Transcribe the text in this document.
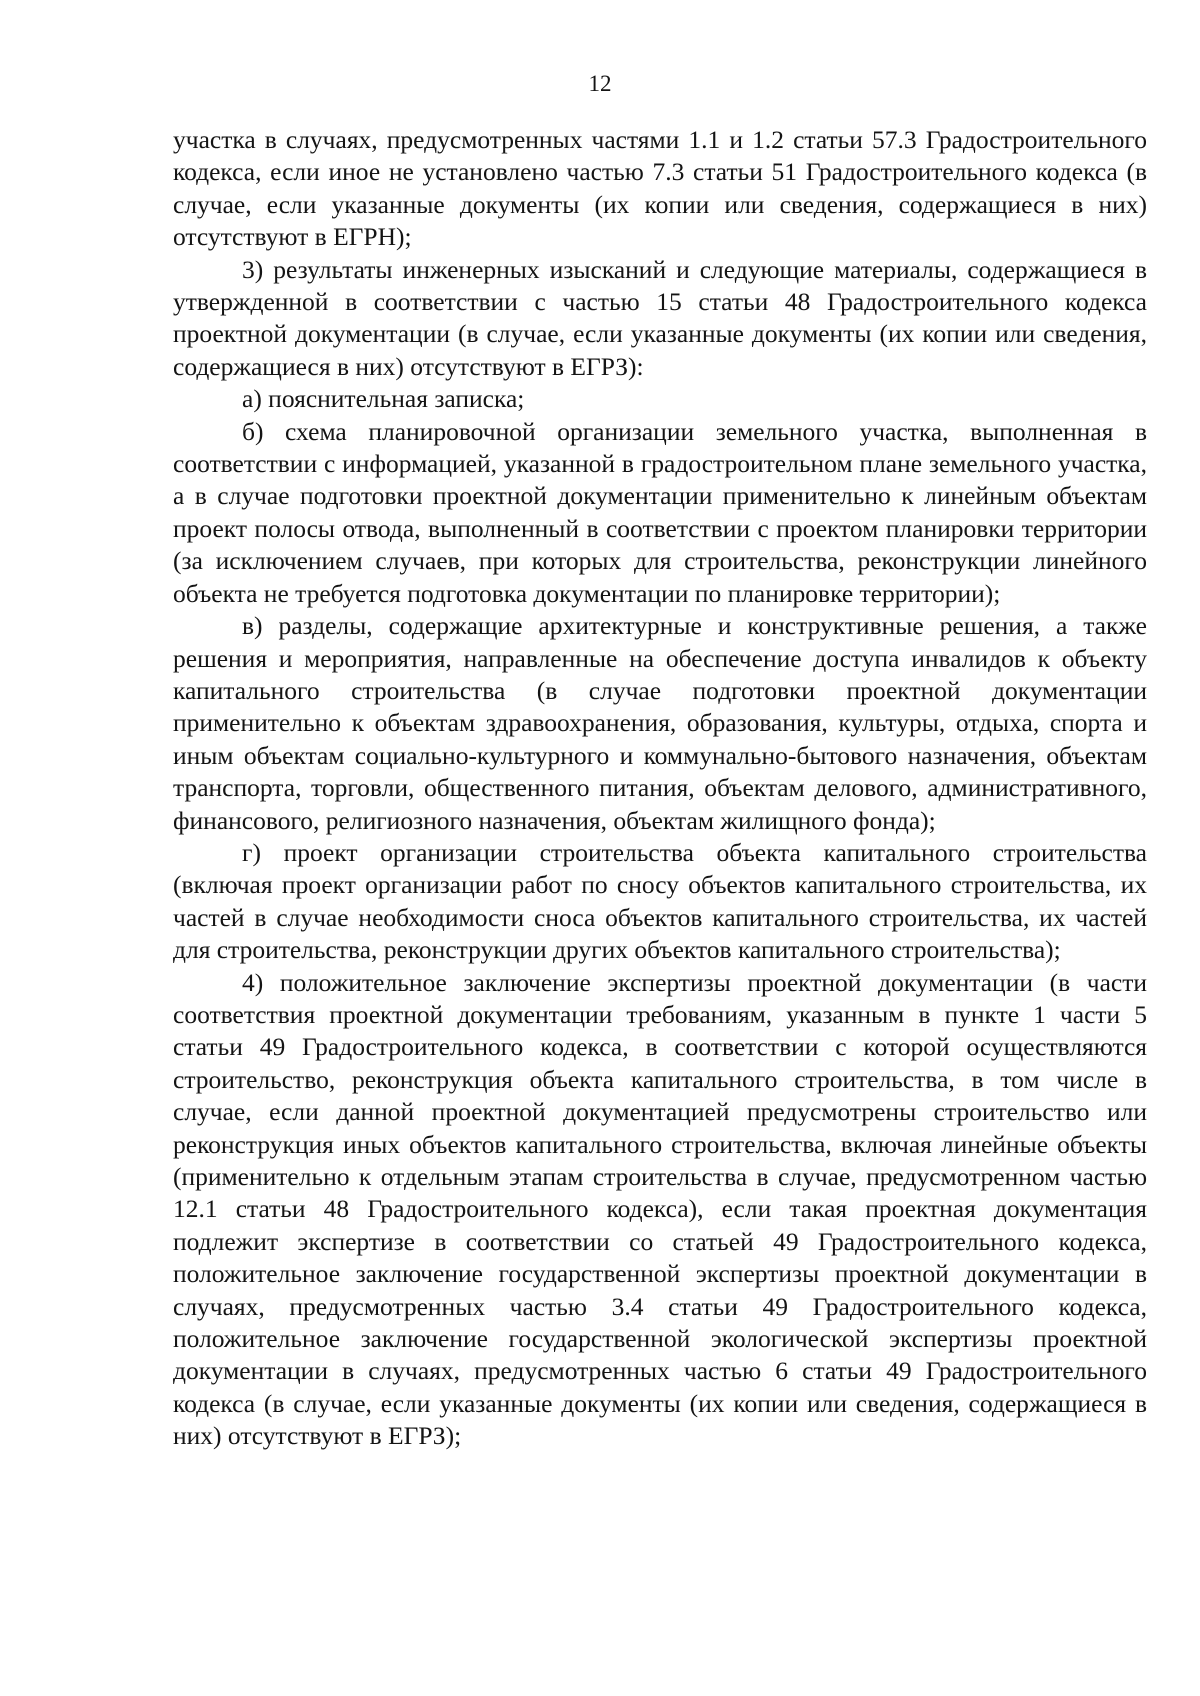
12

участка в случаях, предусмотренных частями 1.1 и 1.2 статьи 57.3 Градостроительного кодекса, если иное не установлено частью 7.3 статьи 51 Градостроительного кодекса (в случае, если указанные документы (их копии или сведения, содержащиеся в них) отсутствуют в ЕГРН);

3) результаты инженерных изысканий и следующие материалы, содержащиеся в утвержденной в соответствии с частью 15 статьи 48 Градостроительного кодекса проектной документации (в случае, если указанные документы (их копии или сведения, содержащиеся в них) отсутствуют в ЕГРЗ):

а) пояснительная записка;

б) схема планировочной организации земельного участка, выполненная в соответствии с информацией, указанной в градостроительном плане земельного участка, а в случае подготовки проектной документации применительно к линейным объектам проект полосы отвода, выполненный в соответствии с проектом планировки территории (за исключением случаев, при которых для строительства, реконструкции линейного объекта не требуется подготовка документации по планировке территории);

в) разделы, содержащие архитектурные и конструктивные решения, а также решения и мероприятия, направленные на обеспечение доступа инвалидов к объекту капитального строительства (в случае подготовки проектной документации применительно к объектам здравоохранения, образования, культуры, отдыха, спорта и иным объектам социально-культурного и коммунально-бытового назначения, объектам транспорта, торговли, общественного питания, объектам делового, административного, финансового, религиозного назначения, объектам жилищного фонда);

г) проект организации строительства объекта капитального строительства (включая проект организации работ по сносу объектов капитального строительства, их частей в случае необходимости сноса объектов капитального строительства, их частей для строительства, реконструкции других объектов капитального строительства);

4) положительное заключение экспертизы проектной документации (в части соответствия проектной документации требованиям, указанным в пункте 1 части 5 статьи 49 Градостроительного кодекса, в соответствии с которой осуществляются строительство, реконструкция объекта капитального строительства, в том числе в случае, если данной проектной документацией предусмотрены строительство или реконструкция иных объектов капитального строительства, включая линейные объекты (применительно к отдельным этапам строительства в случае, предусмотренном частью 12.1 статьи 48 Градостроительного кодекса), если такая проектная документация подлежит экспертизе в соответствии со статьей 49 Градостроительного кодекса, положительное заключение государственной экспертизы проектной документации в случаях, предусмотренных частью 3.4 статьи 49 Градостроительного кодекса, положительное заключение государственной экологической экспертизы проектной документации в случаях, предусмотренных частью 6 статьи 49 Градостроительного кодекса (в случае, если указанные документы (их копии или сведения, содержащиеся в них) отсутствуют в ЕГРЗ);
